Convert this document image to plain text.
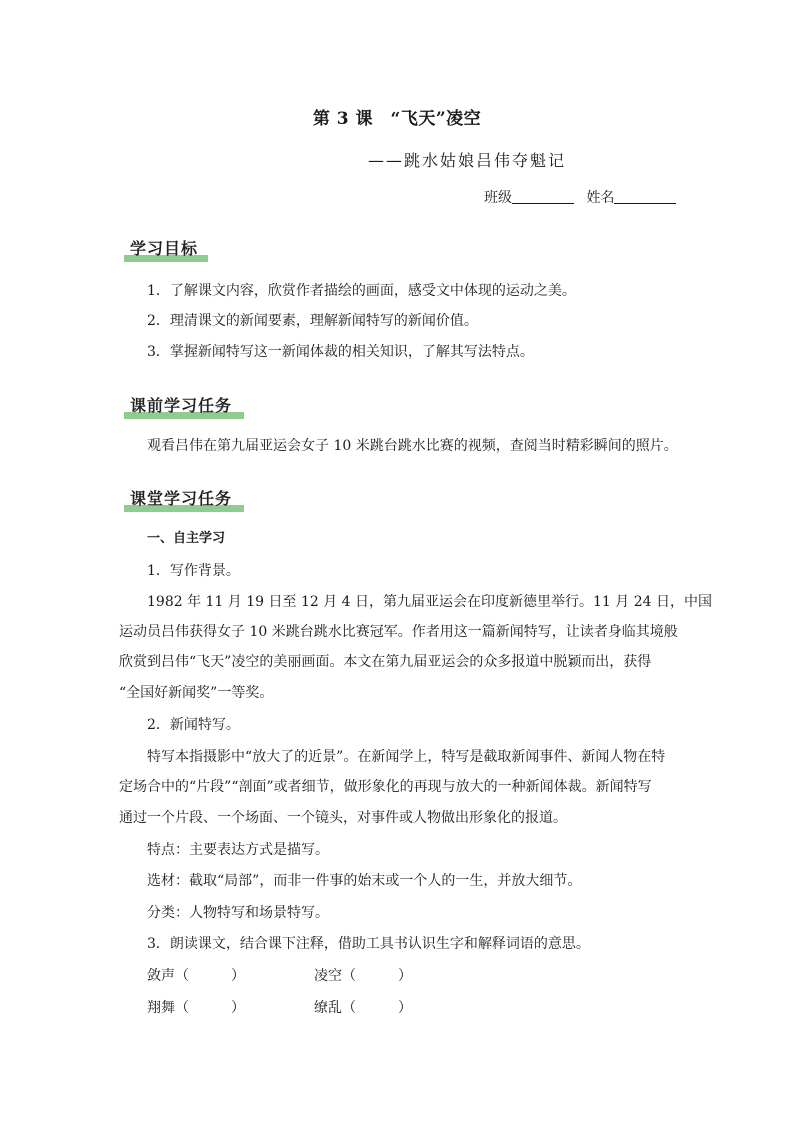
第 3 课　“飞天”凌空
——跳水姑娘吕伟夺魁记
班级	姓名
学习目标
1．了解课文内容，欣赏作者描绘的画面，感受文中体现的运动之美。
2．理清课文的新闻要素，理解新闻特写的新闻价值。
3．掌握新闻特写这一新闻体裁的相关知识，了解其写法特点。
课前学习任务
观看吕伟在第九届亚运会女子 10 米跳台跳水比赛的视频，查阅当时精彩瞬间的照片。
课堂学习任务
一、自主学习
1．写作背景。
1982 年 11 月 19 日至 12 月 4 日，第九届亚运会在印度新德里举行。11 月 24 日，中国
运动员吕伟获得女子 10 米跳台跳水比赛冠军。作者用这一篇新闻特写，让读者身临其境般
欣赏到吕伟“飞天”凌空的美丽画面。本文在第九届亚运会的众多报道中脱颖而出，获得
“全国好新闻奖”一等奖。
2．新闻特写。
特写本指摄影中“放大了的近景”。在新闻学上，特写是截取新闻事件、新闻人物在特
定场合中的“片段”“剖面”或者细节，做形象化的再现与放大的一种新闻体裁。新闻特写
通过一个片段、一个场面、一个镜头，对事件或人物做出形象化的报道。
特点：主要表达方式是描写。
选材：截取“局部”，而非一件事的始末或一个人的一生，并放大细节。
分类：人物特写和场景特写。
3．朗读课文，结合课下注释，借助工具书认识生字和解释词语的意思。
敛声（　　　）	凌空（　　　）
翔舞（　　　）	缭乱（　　　）
